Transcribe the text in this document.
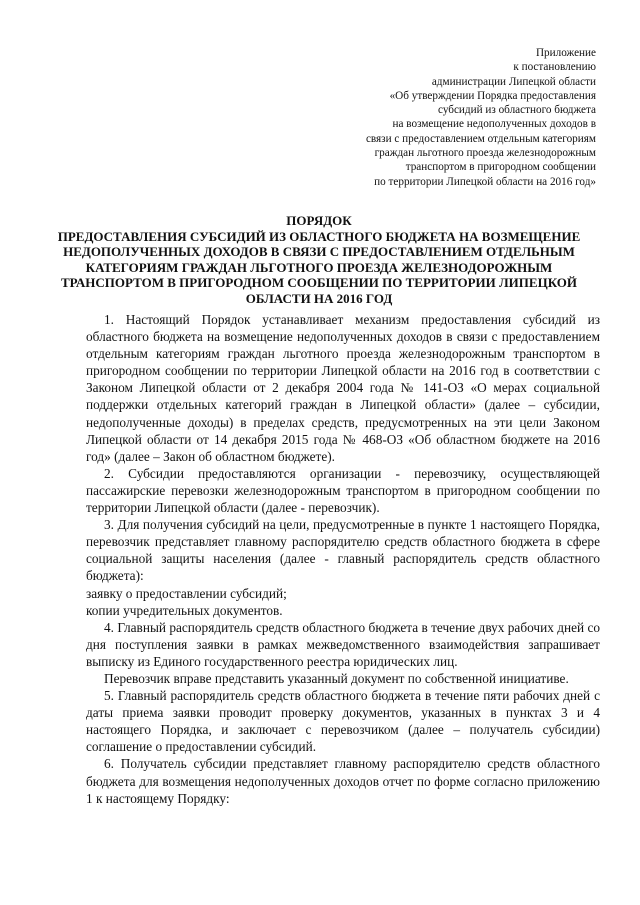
Приложение
к постановлению
администрации Липецкой области
«Об утверждении Порядка предоставления
субсидий из областного бюджета
на возмещение недополученных доходов в
связи с предоставлением отдельным категориям
граждан льготного проезда железнодорожным
транспортом в пригородном сообщении
по территории Липецкой области на 2016 год»
ПОРЯДОК
ПРЕДОСТАВЛЕНИЯ СУБСИДИЙ ИЗ ОБЛАСТНОГО БЮДЖЕТА НА ВОЗМЕЩЕНИЕ
НЕДОПОЛУЧЕННЫХ ДОХОДОВ В СВЯЗИ С ПРЕДОСТАВЛЕНИЕМ ОТДЕЛЬНЫМ
КАТЕГОРИЯМ ГРАЖДАН ЛЬГОТНОГО ПРОЕЗДА ЖЕЛЕЗНОДОРОЖНЫМ
ТРАНСПОРТОМ В ПРИГОРОДНОМ СООБЩЕНИИ ПО ТЕРРИТОРИИ ЛИПЕЦКОЙ
ОБЛАСТИ НА 2016 ГОД

1. Настоящий Порядок устанавливает механизм предоставления субсидий из областного бюджета на возмещение недополученных доходов в связи с предоставлением отдельным категориям граждан льготного проезда железнодорожным транспортом в пригородном сообщении по территории Липецкой области на 2016 год в соответствии с Законом Липецкой области от 2 декабря 2004 года № 141-ОЗ «О мерах социальной поддержки отдельных категорий граждан в Липецкой области» (далее – субсидии, недополученные доходы) в пределах средств, предусмотренных на эти цели Законом Липецкой области от 14 декабря 2015 года № 468-ОЗ «Об областном бюджете на 2016 год» (далее – Закон об областном бюджете).

2. Субсидии предоставляются организации - перевозчику, осуществляющей пассажирские перевозки железнодорожным транспортом в пригородном сообщении по территории Липецкой области (далее - перевозчик).

3. Для получения субсидий на цели, предусмотренные в пункте 1 настоящего Порядка, перевозчик представляет главному распорядителю средств областного бюджета в сфере социальной защиты населения (далее - главный распорядитель средств областного бюджета):

заявку о предоставлении субсидий;

копии учредительных документов.

4. Главный распорядитель средств областного бюджета в течение двух рабочих дней со дня поступления заявки в рамках межведомственного взаимодействия запрашивает выписку из Единого государственного реестра юридических лиц.

Перевозчик вправе представить указанный документ по собственной инициативе.

5. Главный распорядитель средств областного бюджета в течение пяти рабочих дней с даты приема заявки проводит проверку документов, указанных в пунктах 3 и 4 настоящего Порядка, и заключает с перевозчиком (далее – получатель субсидии) соглашение о предоставлении субсидий.

6. Получатель субсидии представляет главному распорядителю средств областного бюджета для возмещения недополученных доходов отчет по форме согласно приложению 1 к настоящему Порядку:
